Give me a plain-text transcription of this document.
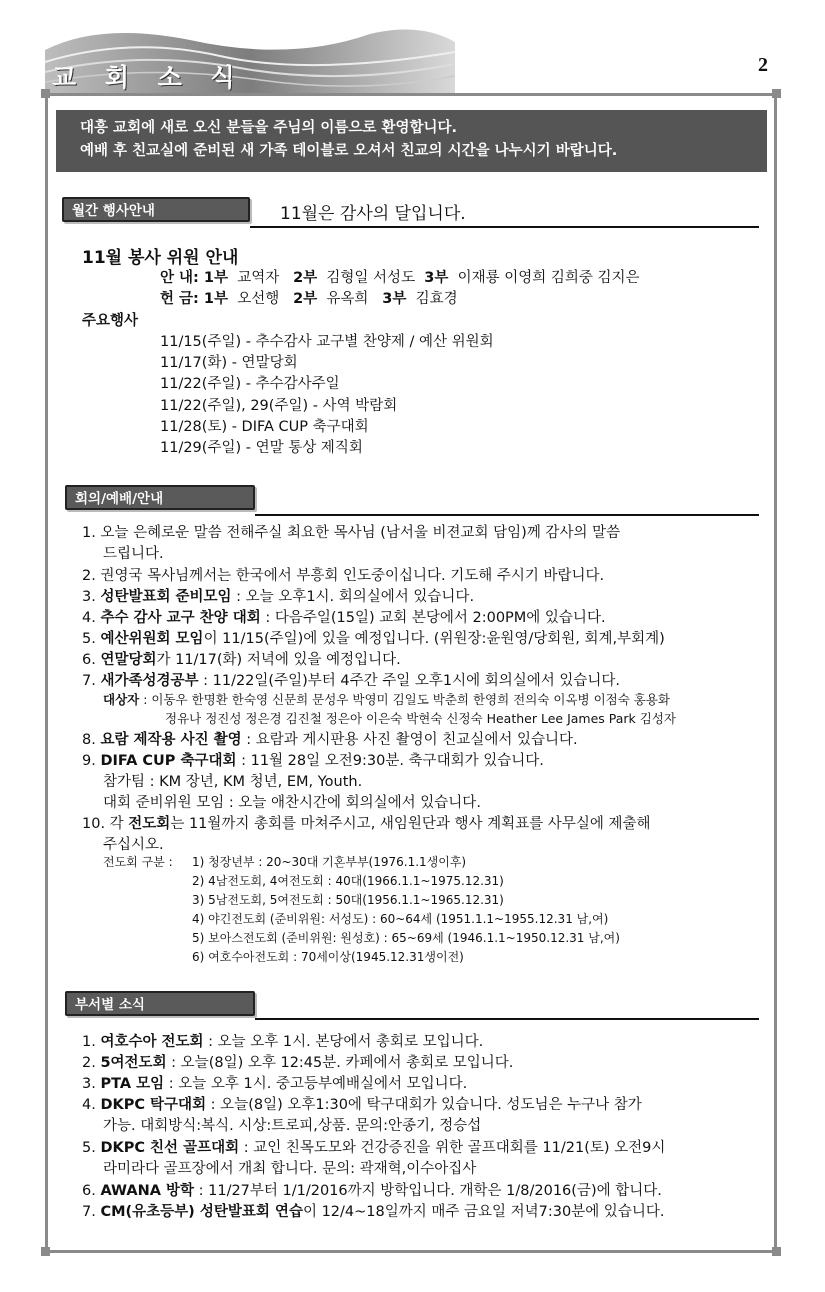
교 회 소 식	2
대흥 교회에 새로 오신 분들을 주님의 이름으로 환영합니다.
예배 후 친교실에 준비된 새 가족 테이블로 오셔서 친교의 시간을 나누시기 바랍니다.
월간 행사안내	11월은 감사의 달입니다.
11월 봉사 위원 안내
안 내: 1부 교역자 2부 김형일 서성도 3부 이재룡 이영희 김희중 김지은
헌 금: 1부 오선행 2부 유옥희 3부 김효경
주요행사
11/15(주일) - 추수감사 교구별 찬양제 / 예산 위원회
11/17(화) - 연말당회
11/22(주일) - 추수감사주일
11/22(주일), 29(주일) - 사역 박람회
11/28(토) - DIFA CUP 축구대회
11/29(주일) - 연말 통상 제직회
회의/예배/안내
1. 오늘 은혜로운 말씀 전해주실 최요한 목사님 (남서울 비젼교회 담임)께 감사의 말씀
드립니다.
2. 권영국 목사님께서는 한국에서 부흥회 인도중이십니다. 기도해 주시기 바랍니다.
3. 성탄발표회 준비모임 : 오늘 오후1시. 회의실에서 있습니다.
4. 추수 감사 교구 찬양 대회 : 다음주일(15일) 교회 본당에서 2:00PM에 있습니다.
5. 예산위원회 모임이 11/15(주일)에 있을 예정입니다. (위원장:윤원영/당회원, 회계,부회계)
6. 연말당회가 11/17(화) 저녁에 있을 예정입니다.
7. 새가족성경공부 : 11/22일(주일)부터 4주간 주일 오후1시에 회의실에서 있습니다.
대상자 : 이동우 한명환 한숙영 신문희 문성우 박영미 김일도 박춘희 한영희 전의숙 이옥병 이점숙 홍용화
정유나 정진성 정은경 김진철 정은아 이은숙 박현숙 신정숙 Heather Lee James Park 김성자
8. 요람 제작용 사진 촬영 : 요람과 게시판용 사진 촬영이 친교실에서 있습니다.
9. DIFA CUP 축구대회 : 11월 28일 오전9:30분. 축구대회가 있습니다.
참가팀 : KM 장년, KM 청년, EM, Youth.
대회 준비위원 모임 : 오늘 애찬시간에 회의실에서 있습니다.
10. 각 전도회는 11월까지 총회를 마쳐주시고, 새임원단과 행사 계획표를 사무실에 제출해
주십시오.
전도회 구분 : 1) 청장년부 : 20~30대 기혼부부(1976.1.1생이후)
2) 4남전도회, 4여전도회 : 40대(1966.1.1~1975.12.31)
3) 5남전도회, 5여전도회 : 50대(1956.1.1~1965.12.31)
4) 야긴전도회 (준비위원: 서성도) : 60~64세 (1951.1.1~1955.12.31 남,여)
5) 보아스전도회 (준비위원: 원성호) : 65~69세 (1946.1.1~1950.12.31 남,여)
6) 여호수아전도회 : 70세이상(1945.12.31생이전)
부서별 소식
1. 여호수아 전도회 : 오늘 오후 1시. 본당에서 총회로 모입니다.
2. 5여전도회 : 오늘(8일) 오후 12:45분. 카페에서 총회로 모입니다.
3. PTA 모임 : 오늘 오후 1시. 중고등부예배실에서 모입니다.
4. DKPC 탁구대회 : 오늘(8일) 오후1:30에 탁구대회가 있습니다. 성도님은 누구나 참가
가능. 대회방식:복식. 시상:트로피,상품. 문의:안종기, 정승섭
5. DKPC 친선 골프대회 : 교인 친목도모와 건강증진을 위한 골프대회를 11/21(토) 오전9시
라미라다 골프장에서 개최 합니다. 문의: 곽재혁,이수아집사
6. AWANA 방학 : 11/27부터 1/1/2016까지 방학입니다. 개학은 1/8/2016(금)에 합니다.
7. CM(유초등부) 성탄발표회 연습이 12/4~18일까지 매주 금요일 저녁7:30분에 있습니다.
